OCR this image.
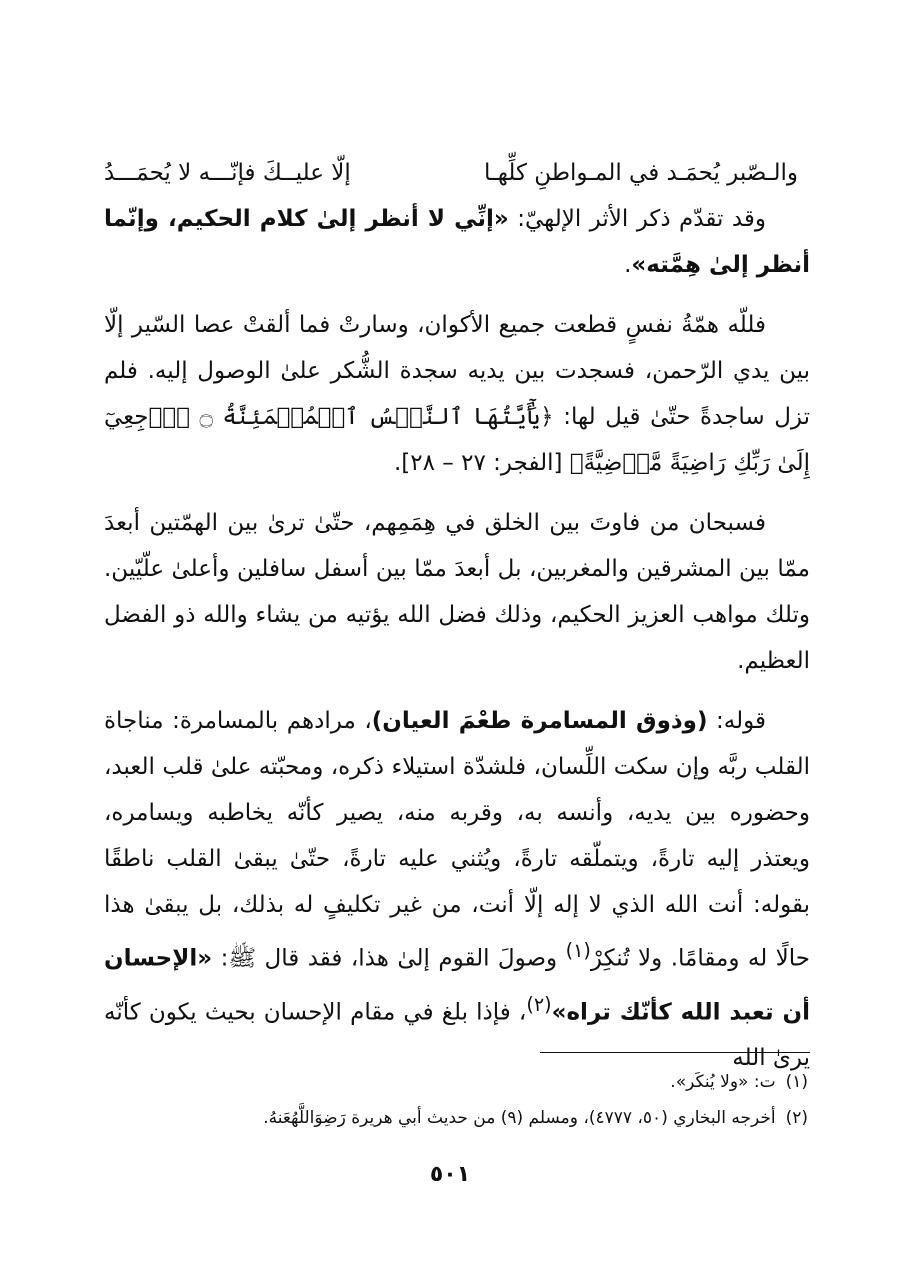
والـصّبر يُحمَـد في المـواطنِ كلِّهـا
إلّا عليــكَ فإنّـــه لا يُحمَـــدُ

وقد تقدّم ذكر الأثر الإلهيّ: «إنِّي لا أنظر إلىٰ كلام الحكيم، وإنّما أنظر إلىٰ هِمَّته».

فللّه همّةُ نفسٍ قطعت جميع الأكوان، وسارتْ فما ألقتْ عصا السّير إلّا بين يدي الرّحمن، فسجدت بين يديه سجدة الشُّكر علىٰ الوصول إليه. فلم تزل ساجدةً حتّىٰ قيل لها: ﴿يَٰٓأَيَّتُهَا ٱلنَّفۡسُ ٱلۡمُطۡمَئِنَّةُ ۝ ٱرۡجِعِيٓ إِلَىٰ رَبِّكِ رَاضِيَةً مَّرۡضِيَّةً﴾ [الفجر: ٢٧ – ٢٨].

فسبحان من فاوتَ بين الخلق في هِمَمِهم، حتّىٰ ترىٰ بين الهمّتين أبعدَ ممّا بين المشرقين والمغربين، بل أبعدَ ممّا بين أسفل سافلين وأعلىٰ علّيّين. وتلك مواهب العزيز الحكيم، وذلك فضل الله يؤتيه من يشاء والله ذو الفضل العظيم.

قوله: (وذوق المسامرة طعْمَ العيان)، مرادهم بالمسامرة: مناجاة القلب ربَّه وإن سكت اللِّسان، فلشدّة استيلاء ذكره، ومحبّته علىٰ قلب العبد، وحضوره بين يديه، وأنسه به، وقربه منه، يصير كأنّه يخاطبه ويسامره، ويعتذر إليه تارةً، ويتملّقه تارةً، ويُثني عليه تارةً، حتّىٰ يبقىٰ القلب ناطقًا بقوله: أنت الله الذي لا إله إلّا أنت، من غير تكليفٍ له بذلك، بل يبقىٰ هذا حالًا له ومقامًا. ولا تُنكِرْ$^{(١)}$ وصولَ القوم إلىٰ هذا، فقد قال ﷺ: «الإحسان أن تعبد الله كأنّك تراه»$^{(٢)}$، فإذا بلغ في مقام الإحسان بحيث يكون كأنّه يرىٰ الله

(١)
ت: «ولا يُنكَر».
(٢)
أخرجه البخاري (٥٠، ٤٧٧٧)، ومسلم (٩) من حديث أبي هريرة رَضِوَاللَّهُعَنهُ.
٥٠١
